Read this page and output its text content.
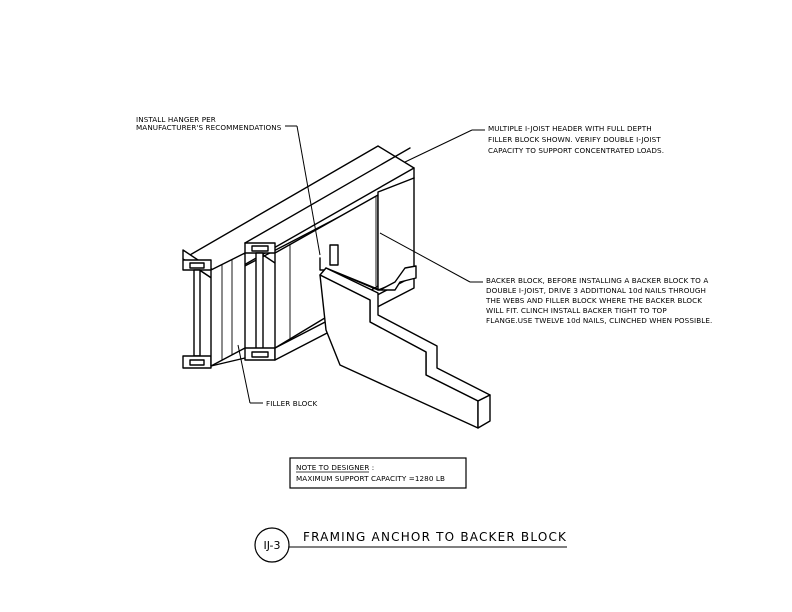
INSTALL HANGER PER
MANUFACTURER'S RECOMMENDATIONS	MULTIPLE I-JOIST HEADER WITH FULL DEPTH
FILLER BLOCK SHOWN. VERIFY DOUBLE I-JOIST
CAPACITY TO SUPPORT CONCENTRATED LOADS.
BACKER BLOCK, BEFORE INSTALLING A BACKER BLOCK TO A
DOUBLE I-JOIST, DRIVE 3 ADDITIONAL 10d NAILS THROUGH
THE WEBS AND FILLER BLOCK WHERE THE BACKER BLOCK
WILL FIT. CLINCH INSTALL BACKER TIGHT TO TOP
FLANGE.USE TWELVE 10d NAILS, CLINCHED WHEN POSSIBLE.
FILLER BLOCK
NOTE TO DESIGNER :
MAXIMUM SUPPORT CAPACITY =1280 LB
IJ-3
FRAMING ANCHOR TO BACKER BLOCK
